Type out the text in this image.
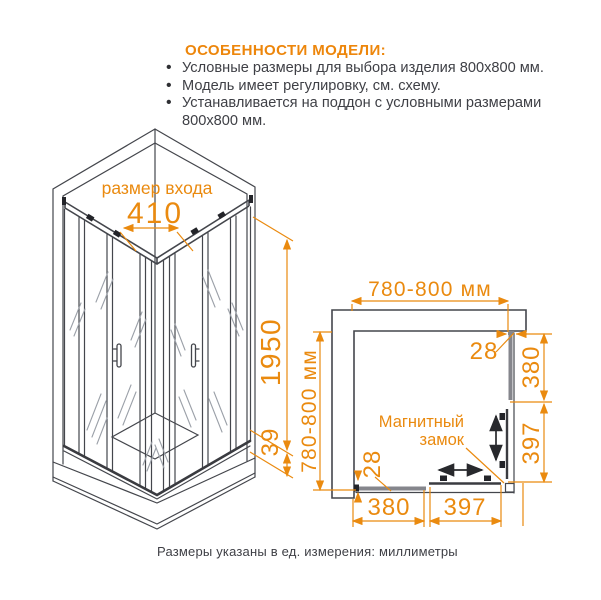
размер входа
410
1950
39
780-800 мм
780-800 мм	380
397
28
Магнитный
замок
28
380 397
ОСОБЕННОСТИ МОДЕЛИ:
• Условные размеры для выбора изделия 800x800 мм.
• Модель имеет регулировку, см. схему.
• Устанавливается на поддон с условными размерами 800x800 мм.
Размеры указаны в ед. измерения: миллиметры
